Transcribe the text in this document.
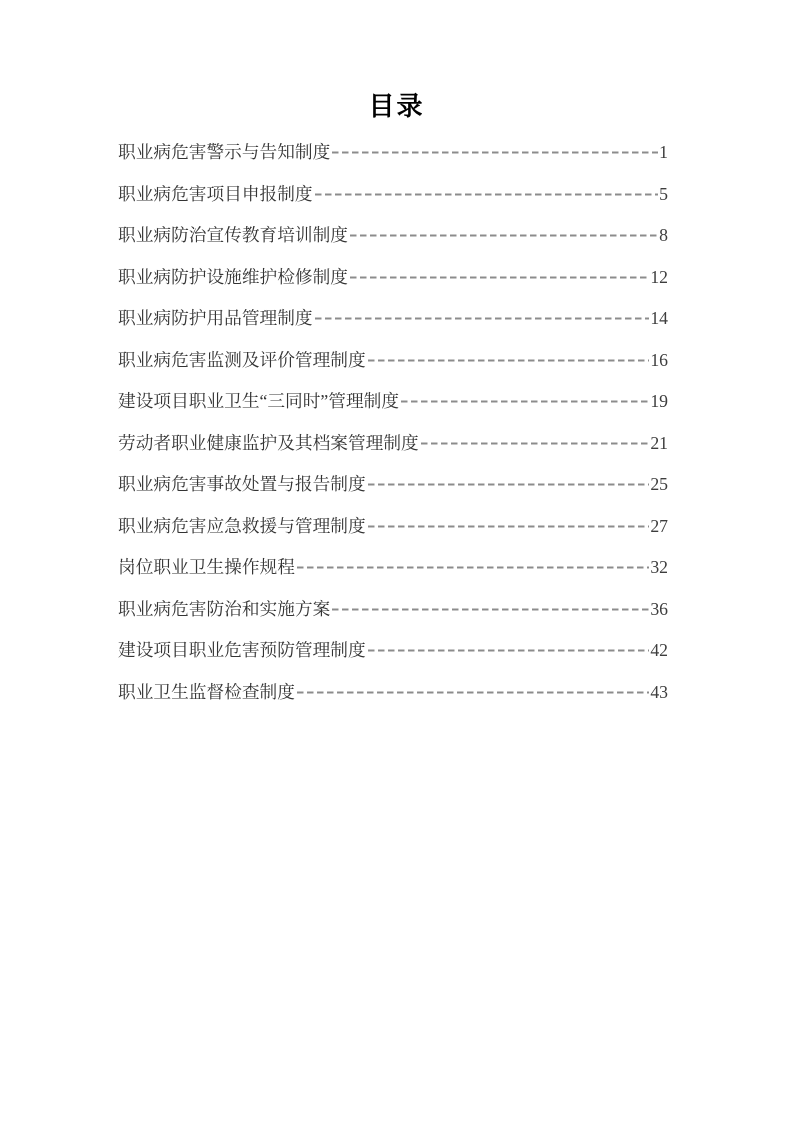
目录
职业病危害警示与告知制度	1
职业病危害项目申报制度	5
职业病防治宣传教育培训制度	8
职业病防护设施维护检修制度	12
职业病防护用品管理制度	14
职业病危害监测及评价管理制度	16
建设项目职业卫生“三同时”管理制度	19
劳动者职业健康监护及其档案管理制度	21
职业病危害事故处置与报告制度	25
职业病危害应急救援与管理制度	27
岗位职业卫生操作规程	32
职业病危害防治和实施方案	36
建设项目职业危害预防管理制度	42
职业卫生监督检查制度	43
